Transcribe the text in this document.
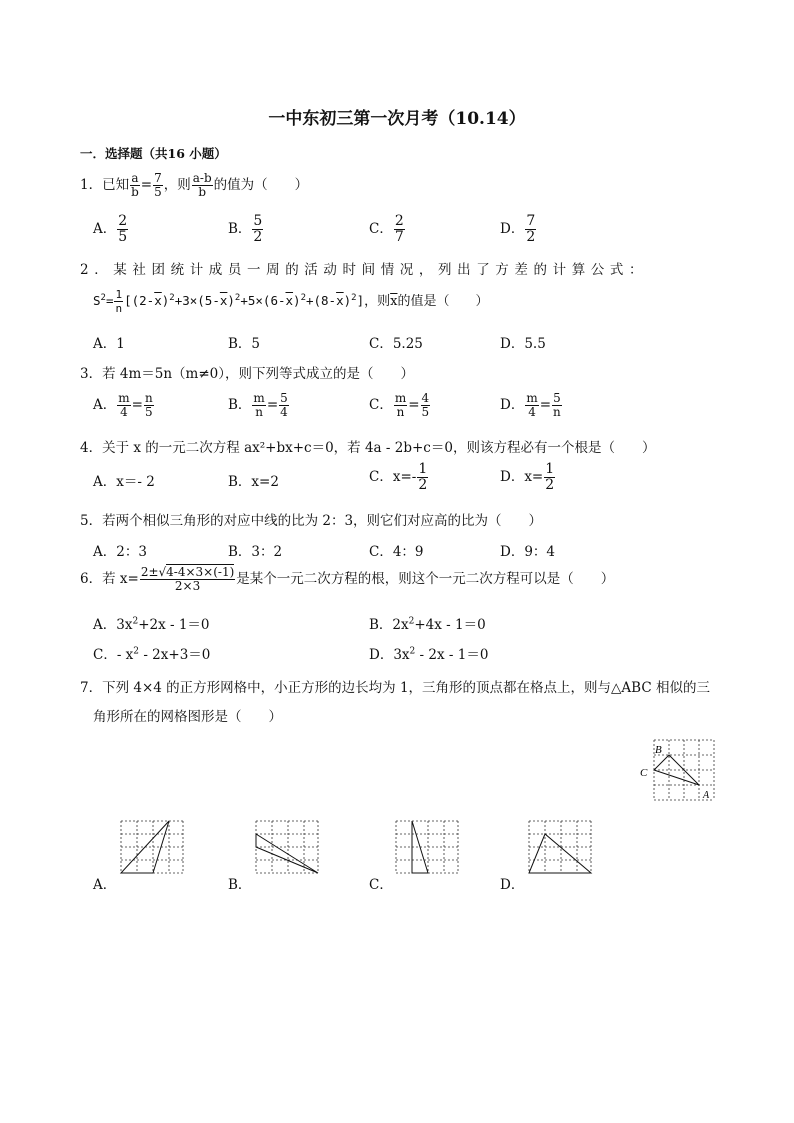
一中东初三第一次月考（10.14）
一．选择题（共16 小题）
1．已知 $\frac{a}{b} = \frac{7}{5}$ ，则 $\frac{a-b}{b}$ 的值为（　　）
A． $\frac{2}{5}$	B． $\frac{5}{2}$	C． $\frac{2}{7}$	D． $\frac{7}{2}$
2．某社团统计成员一周的活动时间情况，列出了方差的计算公式：
$S^2= \frac{1}{n} [(2-\overline{x})^2+3\times(5-\overline{x})^2+5\times(6-\overline{x})^2+(8-\overline{x})^2]$，则$\overline{x}$的值是（　　）
A．1	B．5	C．5.25	D．5.5
3．若 4m＝5n（m≠0），则下列等式成立的是（　　）
A． $\frac{m}{4} = \frac{n}{5}$	B． $\frac{m}{n} = \frac{5}{4}$	C． $\frac{m}{n} = \frac{4}{5}$	D． $\frac{m}{4} = \frac{5}{n}$
4．关于 x 的一元二次方程 ax²+bx+c＝0，若 4a - 2b+c＝0，则该方程必有一个根是（　　）
A．x＝- 2	B．x=2	C．$x=- \frac{1}{2}$	D．$x= \frac{1}{2}$
5．若两个相似三角形的对应中线的比为 2：3，则它们对应高的比为（　　）
A．2：3	B．3：2	C．4：9	D．9：4
6．若 $x= \frac{2\pm√4-4\times 3\times(-1)}{2\times 3}$ 是某个一元二次方程的根，则这个一元二次方程可以是（　　）
A．$3x^2+2x - 1=0$	B．$2x^2+4x - 1=0$
C．- $x^2 - 2x+3=0$	D．$3x^2 - 2x - 1=0$
7．下列 4×4 的正方形网格中，小正方形的边长均为 1，三角形的顶点都在格点上，则与△ABC 相似的三
角形所在的网格图形是（　　）
B
C
A
A．	B．	C．	D．
